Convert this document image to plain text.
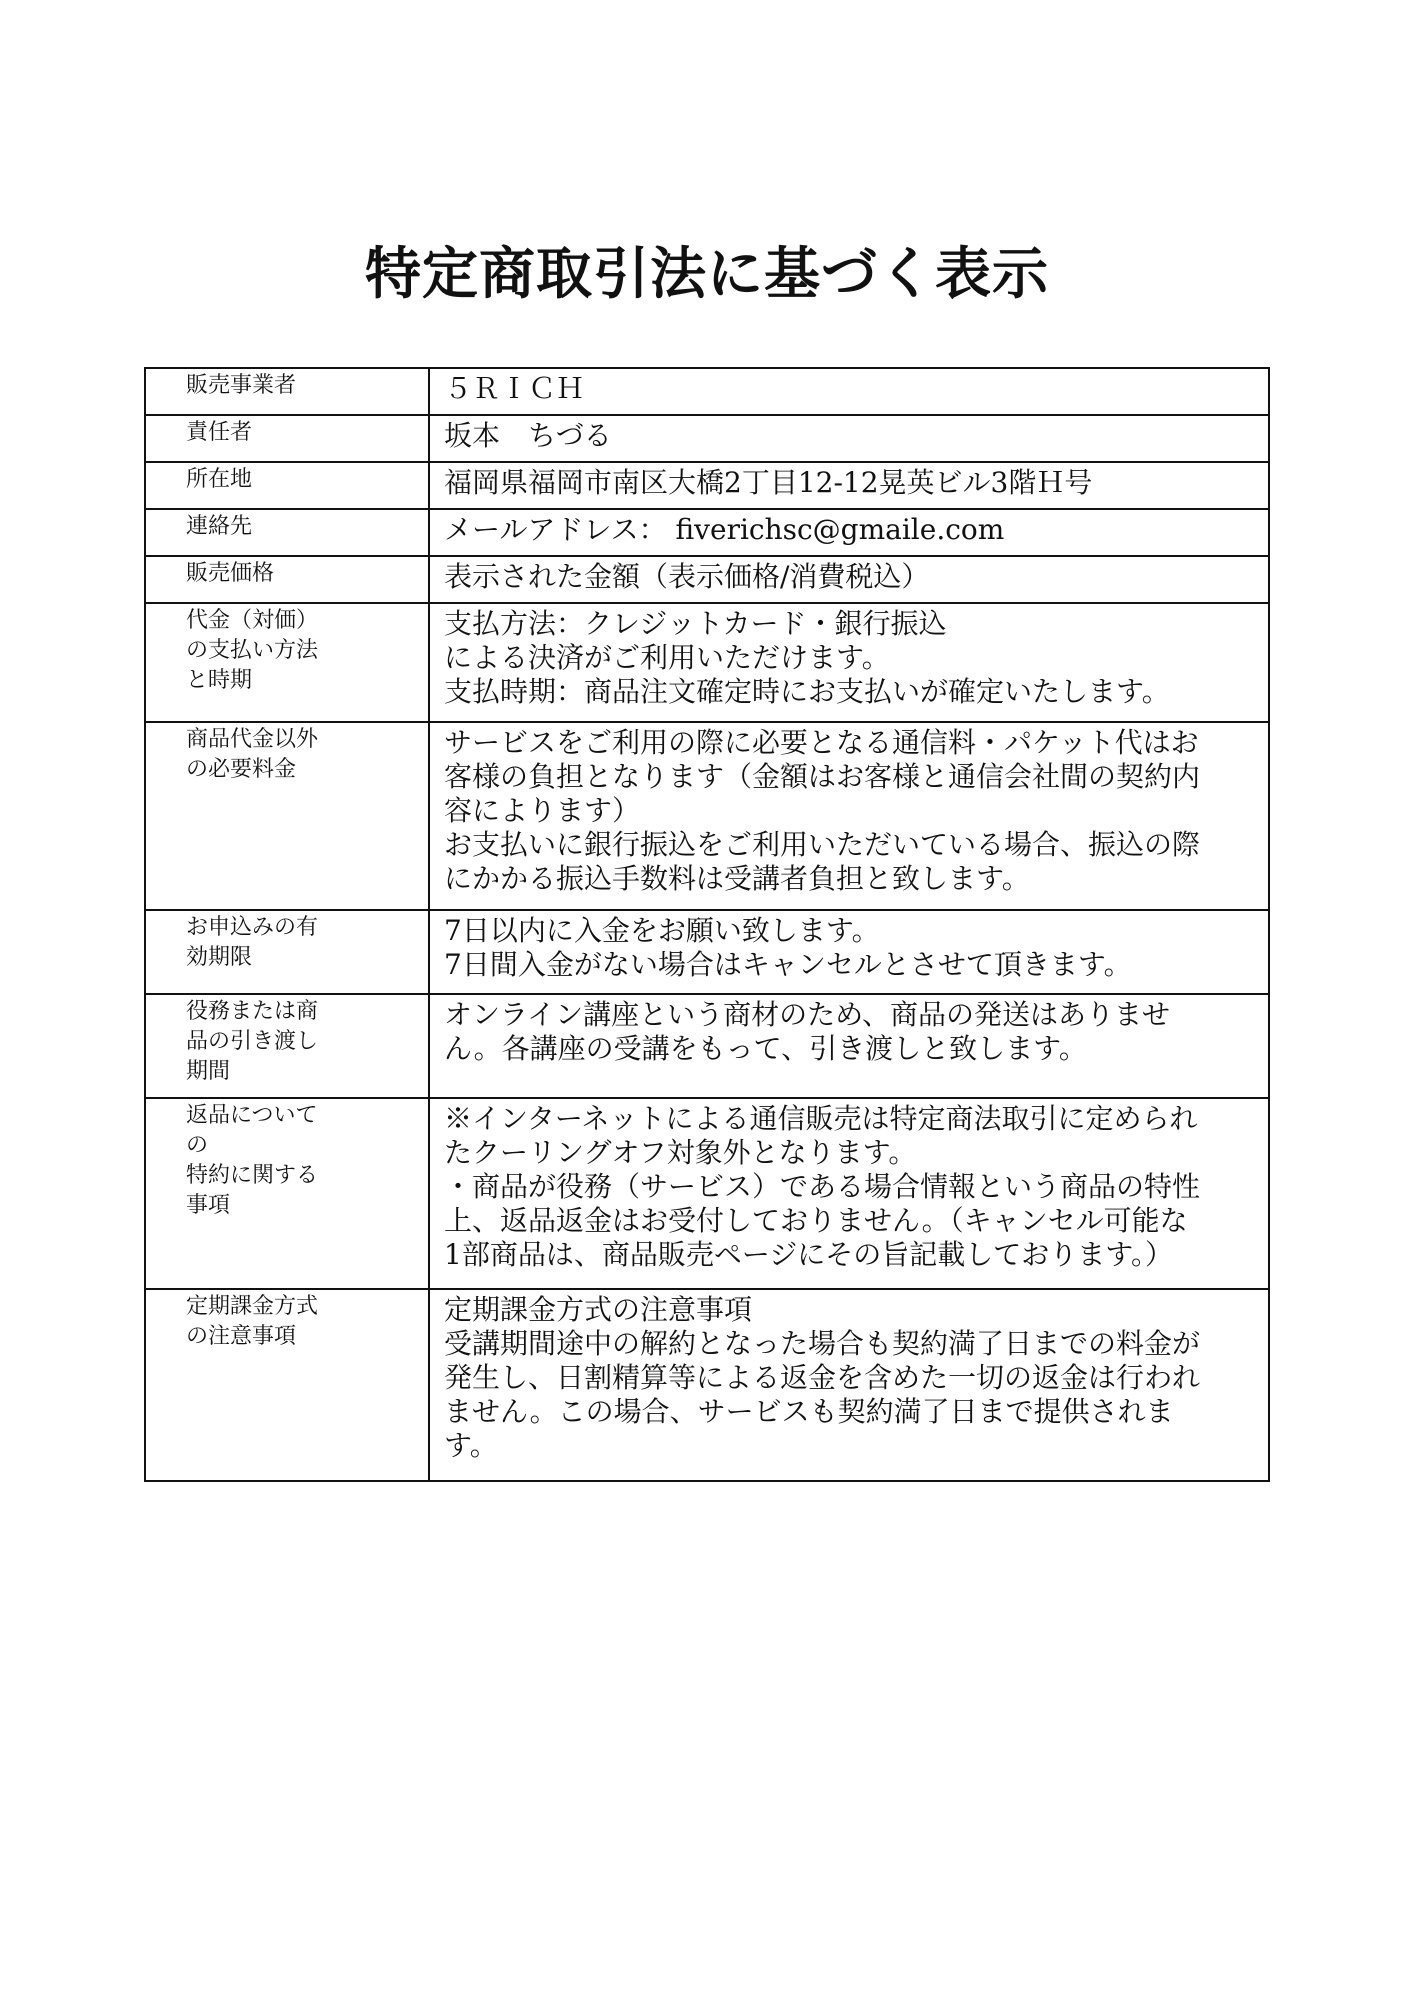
特定商取引法に基づく表示
販売事業者	５ＲＩＣＨ

責任者	坂本　ちづる

所在地	福岡県福岡市南区大橋2丁目12-12晃英ビル3階Ｈ号

連絡先	メールアドレス： fiverichsc@gmaile.com

販売価格	表示された金額（表示価格/消費税込）

代金（対価）
の支払い方法
と時期	支払方法：クレジットカード・銀行振込
による決済がご利用いただけます。
支払時期：商品注文確定時にお支払いが確定いたします。

商品代金以外
の必要料金	サービスをご利用の際に必要となる通信料・パケット代はお
客様の負担となります（金額はお客様と通信会社間の契約内
容によります）
お支払いに銀行振込をご利用いただいている場合、振込の際
にかかる振込手数料は受講者負担と致します。

お申込みの有
効期限	7日以内に入金をお願い致します。
7日間入金がない場合はキャンセルとさせて頂きます。

役務または商
品の引き渡し
期間	オンライン講座という商材のため、商品の発送はありませ
ん。各講座の受講をもって、引き渡しと致します。

返品について
の
特約に関する
事項	※インターネットによる通信販売は特定商法取引に定められ
たクーリングオフ対象外となります。
・商品が役務（サービス）である場合情報という商品の特性
上、返品返金はお受付しておりません。（キャンセル可能な
1部商品は、商品販売ページにその旨記載しております。）

定期課金方式
の注意事項	定期課金方式の注意事項
受講期間途中の解約となった場合も契約満了日までの料金が
発生し、日割精算等による返金を含めた一切の返金は行われ
ません。この場合、サービスも契約満了日まで提供されま
す。
